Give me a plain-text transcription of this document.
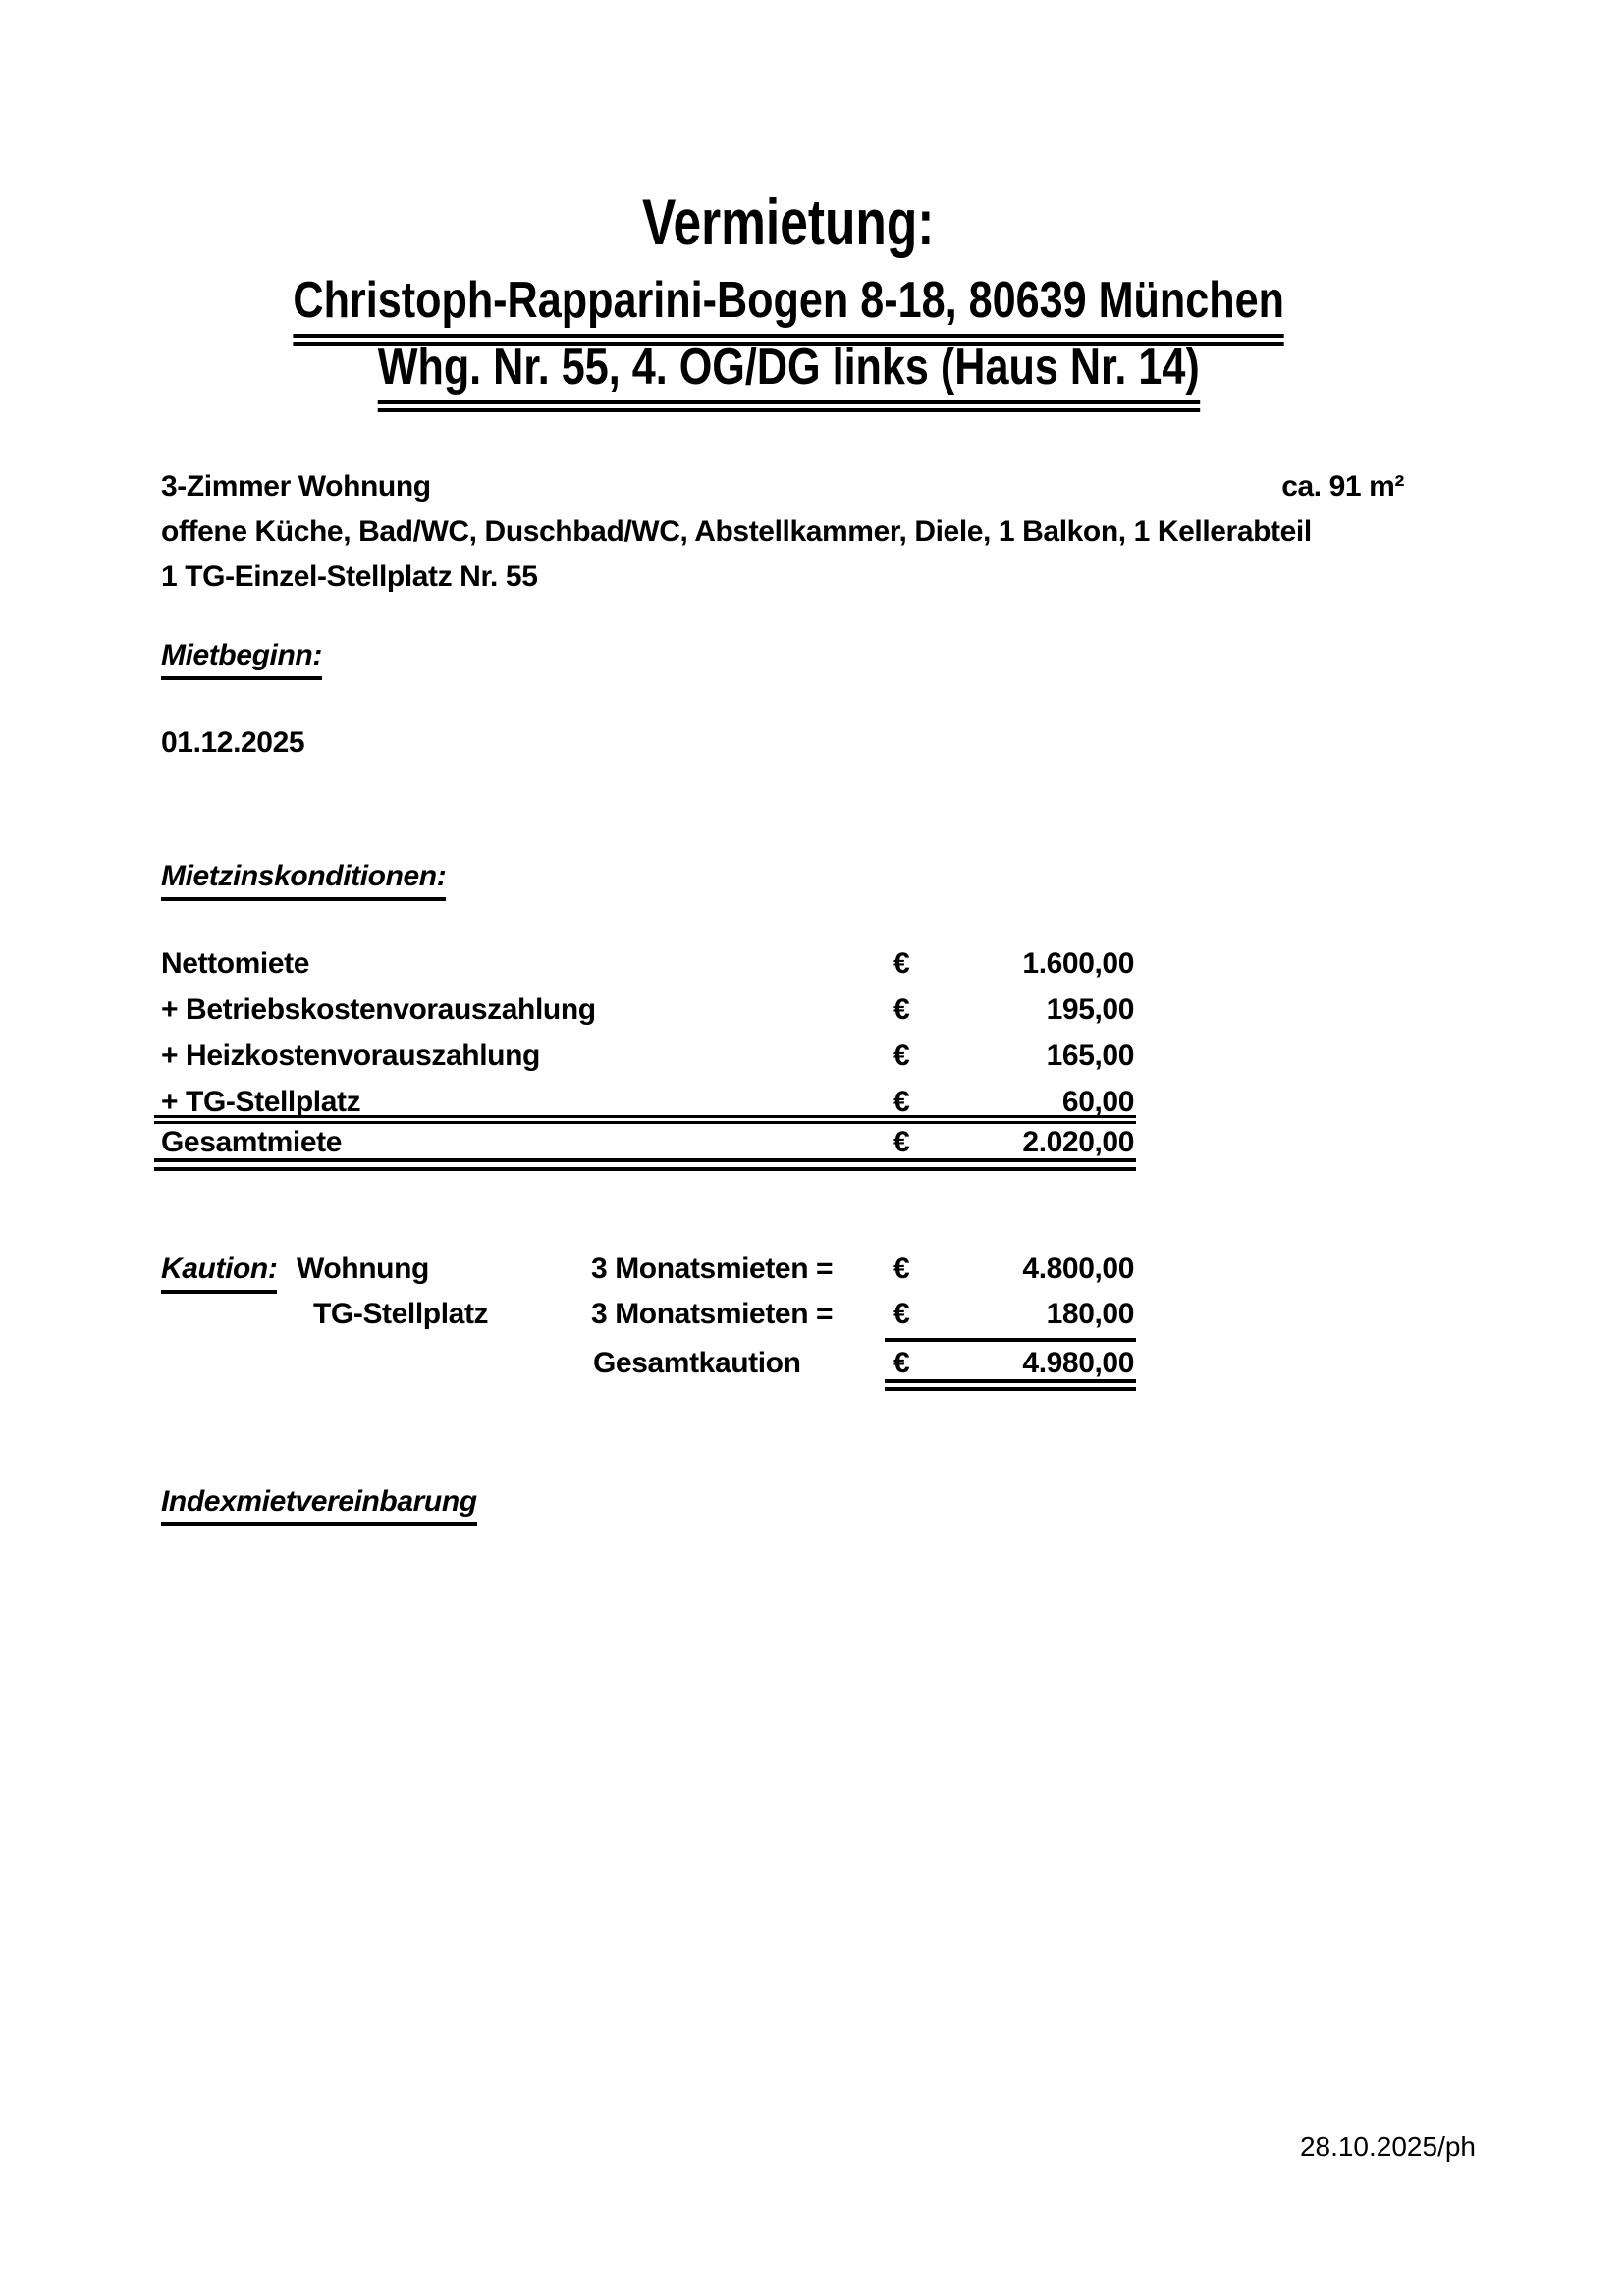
Vermietung:
Christoph-Rapparini-Bogen 8-18, 80639 München
Whg. Nr. 55, 4. OG/DG links (Haus Nr. 14)
3-Zimmer Wohnung	ca. 91 m²
offene Küche, Bad/WC, Duschbad/WC, Abstellkammer, Diele, 1 Balkon, 1 Kellerabteil
1 TG-Einzel-Stellplatz Nr. 55
Mietbeginn:
01.12.2025
Mietzinskonditionen:
Nettomiete	€	1.600,00
+ Betriebskostenvorauszahlung	€	195,00
+ Heizkostenvorauszahlung	€	165,00
+ TG-Stellplatz	€	60,00
Gesamtmiete	€	2.020,00
Kaution: Wohnung	3 Monatsmieten = €	4.800,00
TG-Stellplatz	3 Monatsmieten = €	180,00
Gesamtkaution	€	4.980,00
Indexmietvereinbarung
28.10.2025/ph
